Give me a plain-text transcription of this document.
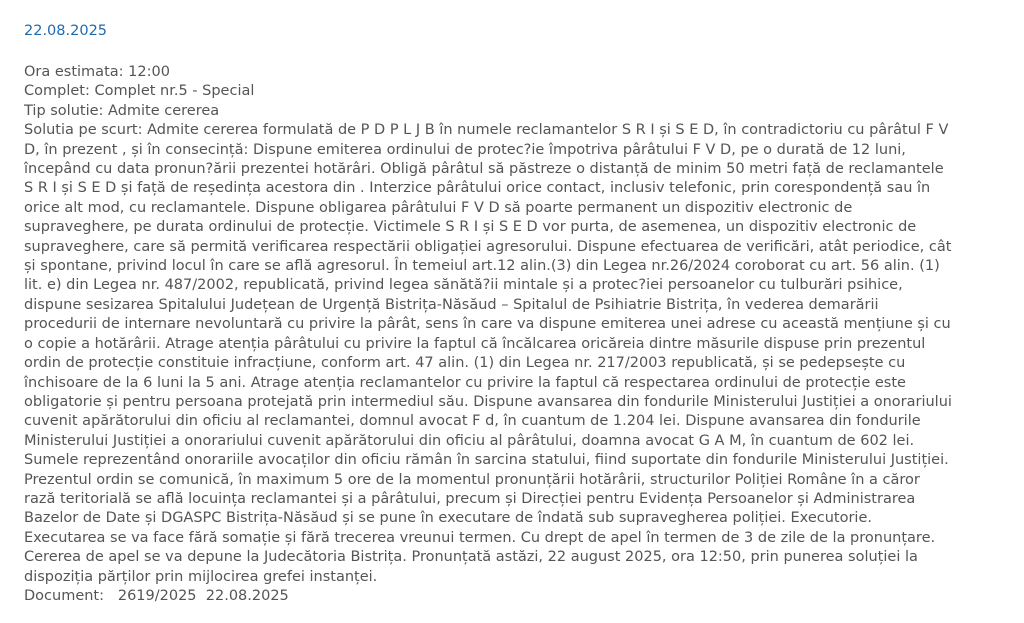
22.08.2025
Ora estimata: 12:00
Complet: Complet nr.5 - Special
Tip solutie: Admite cererea
Solutia pe scurt: Admite cererea formulată de P D P L J B în numele reclamantelor S R I și S E D, în contradictoriu cu pârâtul F V D, în prezent , și în consecință: Dispune emiterea ordinului de protec?ie împotriva pârâtului F V D, pe o durată de 12 luni, începând cu data pronun?ării prezentei hotărâri. Obligă pârâtul să păstreze o distanță de minim 50 metri față de reclamantele S R I și S E D și față de reședința acestora din . Interzice pârâtului orice contact, inclusiv telefonic, prin corespondență sau în orice alt mod, cu reclamantele. Dispune obligarea pârâtului F V D să poarte permanent un dispozitiv electronic de supraveghere, pe durata ordinului de protecție. Victimele S R I și S E D vor purta, de asemenea, un dispozitiv electronic de supraveghere, care să permită verificarea respectării obligației agresorului. Dispune efectuarea de verificări, atât periodice, cât și spontane, privind locul în care se află agresorul. În temeiul art.12 alin.(3) din Legea nr.26/2024 coroborat cu art. 56 alin. (1) lit. e) din Legea nr. 487/2002, republicată, privind legea sănătă?ii mintale și a protec?iei persoanelor cu tulburări psihice, dispune sesizarea Spitalului Județean de Urgență Bistrița-Năsăud – Spitalul de Psihiatrie Bistrița, în vederea demarării procedurii de internare nevoluntară cu privire la pârât, sens în care va dispune emiterea unei adrese cu această mențiune și cu o copie a hotărârii. Atrage atenția pârâtului cu privire la faptul că încălcarea oricăreia dintre măsurile dispuse prin prezentul ordin de protecție constituie infracțiune, conform art. 47 alin. (1) din Legea nr. 217/2003 republicată, și se pedepsește cu închisoare de la 6 luni la 5 ani. Atrage atenția reclamantelor cu privire la faptul că respectarea ordinului de protecție este obligatorie și pentru persoana protejată prin intermediul său. Dispune avansarea din fondurile Ministerului Justiției a onorariului cuvenit apărătorului din oficiu al reclamantei, domnul avocat F d, în cuantum de 1.204 lei. Dispune avansarea din fondurile Ministerului Justiției a onorariului cuvenit apărătorului din oficiu al pârâtului, doamna avocat G A M, în cuantum de 602 lei. Sumele reprezentând onorariile avocaților din oficiu rămân în sarcina statului, fiind suportate din fondurile Ministerului Justiției. Prezentul ordin se comunică, în maximum 5 ore de la momentul pronunțării hotărârii, structurilor Poliției Române în a căror rază teritorială se află locuința reclamantei și a pârâtului, precum și Direcției pentru Evidența Persoanelor și Administrarea Bazelor de Date și DGASPC Bistrița-Năsăud și se pune în executare de îndată sub supravegherea poliției. Executorie. Executarea se va face fără somație și fără trecerea vreunui termen. Cu drept de apel în termen de 3 de zile de la pronunțare. Cererea de apel se va depune la Judecătoria Bistrița. Pronunțată astăzi, 22 august 2025, ora 12:50, prin punerea soluției la dispoziția părților prin mijlocirea grefei instanței.
Document: 2619/2025 22.08.2025
